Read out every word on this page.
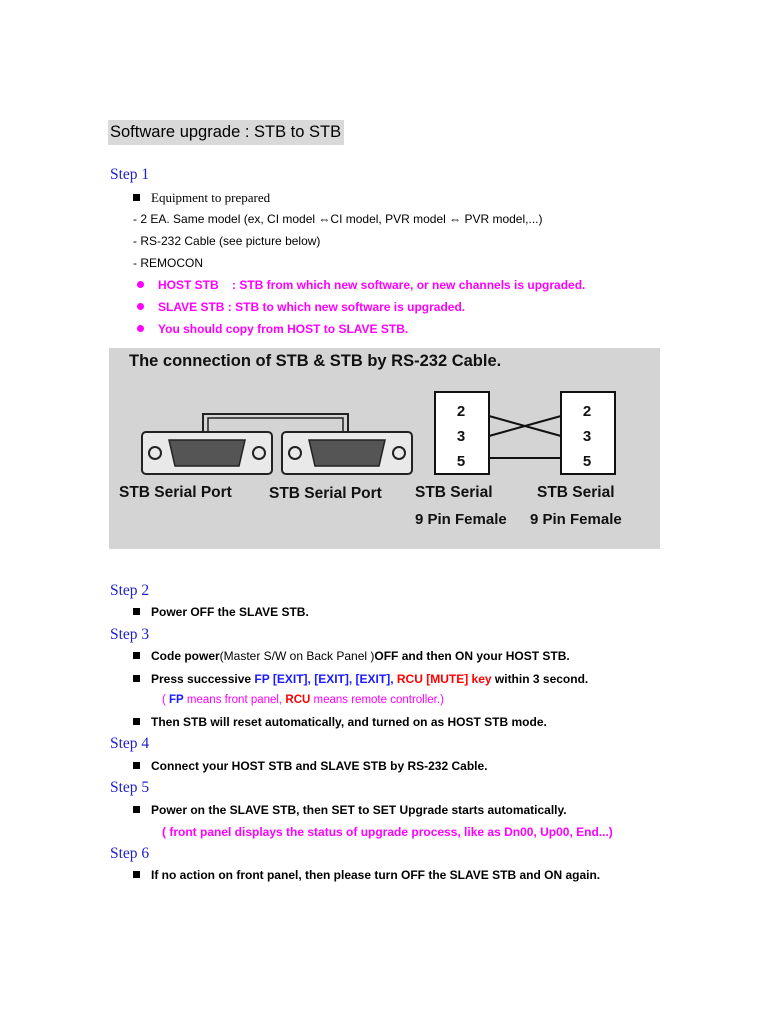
Software upgrade : STB to STB
Step 1
Equipment to prepared
- 2 EA. Same model (ex, CI model ⇔CI model, PVR model ⇔ PVR model,...)
- RS-232 Cable (see picture below)
- REMOCON
HOST STB    : STB from which new software, or new channels is upgraded.
SLAVE STB : STB to which new software is upgraded.
You should copy from HOST to SLAVE STB.
The connection of STB & STB by RS-232 Cable.
2
3
5
2
3
5
STB Serial Port STB Serial Port STB Serial	STB Serial
9 Pin Female 9 Pin Female
Step 2
Power OFF the SLAVE STB.
Step 3
Code power(Master S/W on Back Panel )OFF and then ON your HOST STB.
Press successive FP [EXIT], [EXIT], [EXIT], RCU [MUTE] key within 3 second.
( FP means front panel, RCU means remote controller.)
Then STB will reset automatically, and turned on as HOST STB mode.
Step 4
Connect your HOST STB and SLAVE STB by RS-232 Cable.
Step 5
Power on the SLAVE STB, then SET to SET Upgrade starts automatically.
( front panel displays the status of upgrade process, like as Dn00, Up00, End...)
Step 6
If no action on front panel, then please turn OFF the SLAVE STB and ON again.
